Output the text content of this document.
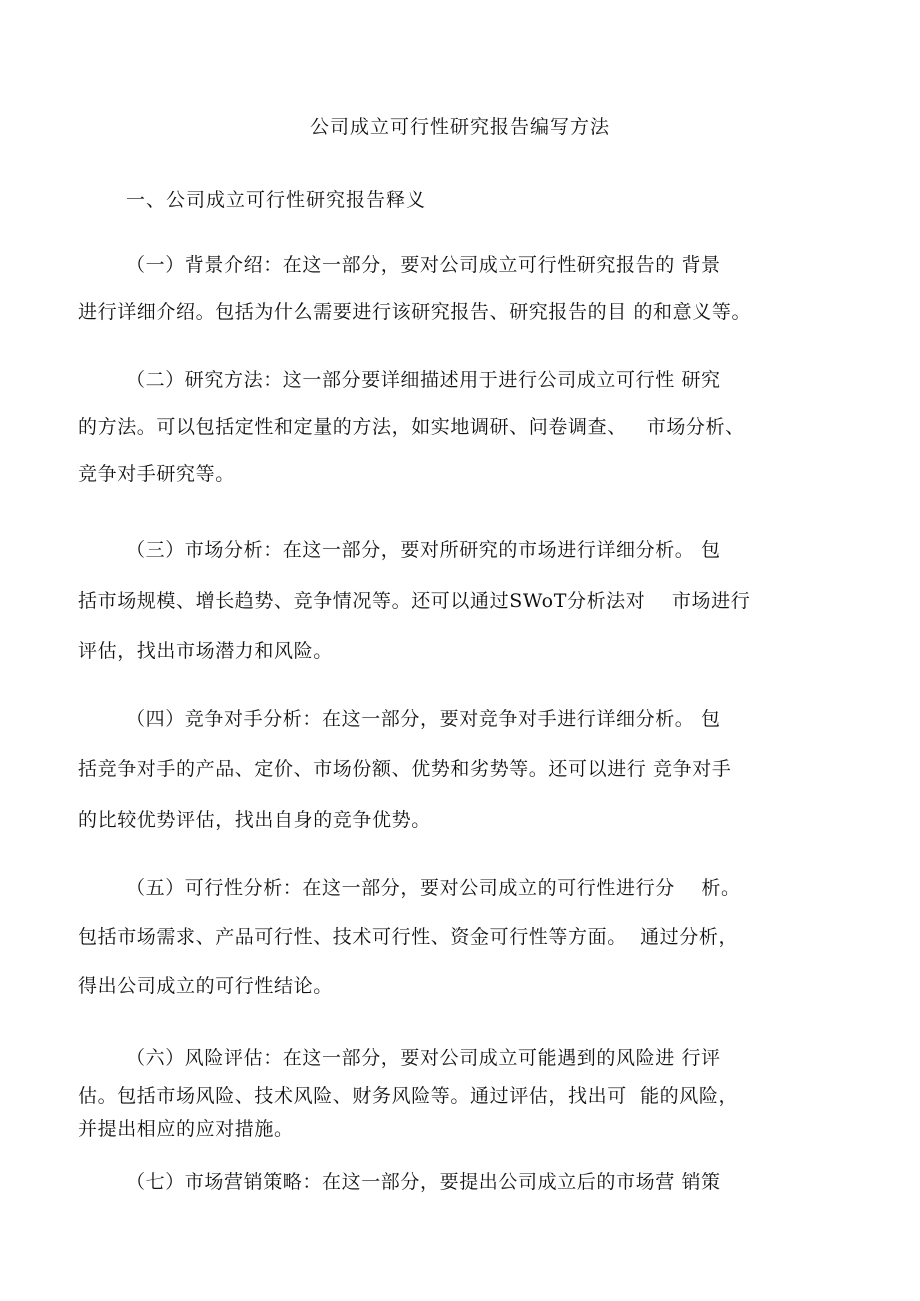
公司成立可行性研究报告编写方法
一、公司成立可行性研究报告释义
（一）背景介绍：在这一部分，要对公司成立可行性研究报告的 背景
进行详细介绍。包括为什么需要进行该研究报告、研究报告的目 的和意义等。
（二）研究方法：这一部分要详细描述用于进行公司成立可行性 研究
的方法。可以包括定性和定量的方法，如实地调研、问卷调查、   市场分析、
竞争对手研究等。
（三）市场分析：在这一部分，要对所研究的市场进行详细分析。 包
括市场规模、增长趋势、竞争情况等。还可以通过SWoT分析法对    市场进行
评估，找出市场潜力和风险。
（四）竞争对手分析：在这一部分，要对竞争对手进行详细分析。 包
括竞争对手的产品、定价、市场份额、优势和劣势等。还可以进行 竞争对手
的比较优势评估，找出自身的竞争优势。
（五）可行性分析：在这一部分，要对公司成立的可行性进行分    析。
包括市场需求、产品可行性、技术可行性、资金可行性等方面。  通过分析，
得出公司成立的可行性结论。
（六）风险评估：在这一部分，要对公司成立可能遇到的风险进 行评
估。包括市场风险、技术风险、财务风险等。通过评估，找出可  能的风险，
并提出相应的应对措施。
（七）市场营销策略：在这一部分，要提出公司成立后的市场营 销策
